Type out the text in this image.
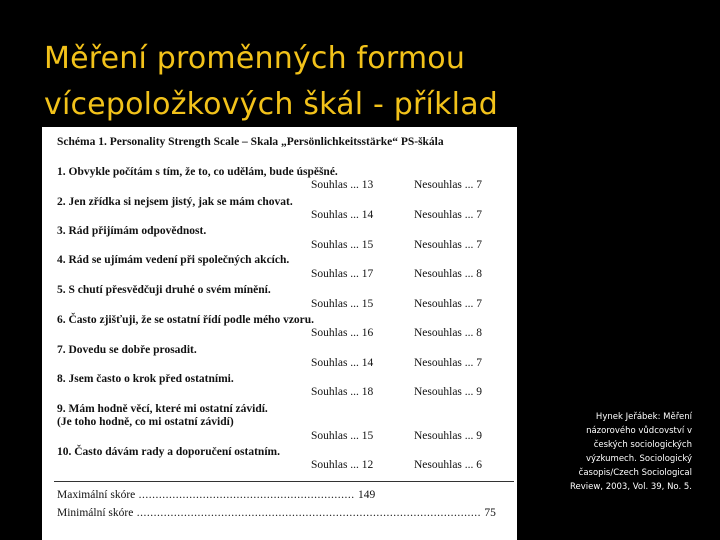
Měření proměnných formou
vícepoložkových škál - příklad
Schéma 1. Personality Strength Scale – Skala „Persönlichkeitsstärke“ PS-škála
1. Obvykle počítám s tím, že to, co udělám, bude úspěšné.
Souhlas ... 13	Nesouhlas ... 7
2. Jen zřídka si nejsem jistý, jak se mám chovat.
Souhlas ... 14	Nesouhlas ... 7
3. Rád přijímám odpovědnost.
Souhlas ... 15	Nesouhlas ... 7
4. Rád se ujímám vedení při společných akcích.
Souhlas ... 17	Nesouhlas ... 8
5. S chutí přesvědčuji druhé o svém mínění.
Souhlas ... 15	Nesouhlas ... 7
6. Často zjišťuji, že se ostatní řídí podle mého vzoru.
Souhlas ... 16	Nesouhlas ... 8
7. Dovedu se dobře prosadit.
Souhlas ... 14	Nesouhlas ... 7
8. Jsem často o krok před ostatními.
Souhlas ... 18	Nesouhlas ... 9
9. Mám hodně věcí, které mi ostatní závidí.
(Je toho hodně, co mi ostatní závidí)
Souhlas ... 15	Nesouhlas ... 9
10. Často dávám rady a doporučení ostatním.
Souhlas ... 12	Nesouhlas ... 6
Maximální skóre ................................................................ 149
Minimální skóre ...................................................................................................... 75
Hynek Jeřábek: Měření
názorového vůdcovství v
českých sociologických
výzkumech. Sociologický
časopis/Czech Sociological
Review, 2003, Vol. 39, No. 5.
